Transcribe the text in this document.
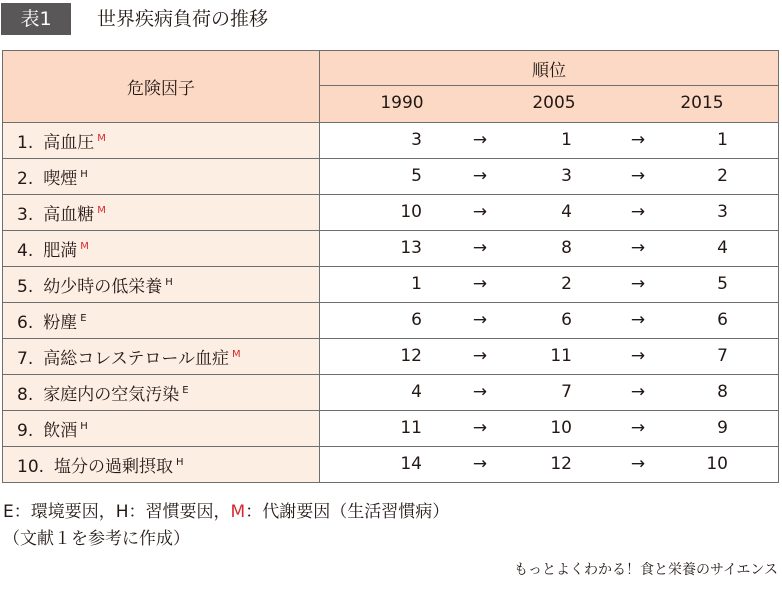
表1	世界疾病負荷の推移
危険因子	順位

	1990 2005 2015

1. 高血圧 $^M$	3 → 1 → 1

2. 喫煙 $^H$	5 → 3 → 2

3. 高血糖 $^M$	10 → 4 → 3

4. 肥満 $^M$	13 → 8 → 4

5. 幼少時の低栄養 $^H$	1 → 2 → 5

6. 粉塵 $^E$	6 → 6 → 6

7. 高総コレステロール血症 $^M$	12 → 11 → 7

8. 家庭内の空気汚染 $^E$	4 → 7 → 8

9. 飲酒 $^H$	11 → 10 → 9

10. 塩分の過剰摂取 $^H$	14 → 12 → 10
E：環境要因，H：習慣要因，M：代謝要因（生活習慣病）
（文献１を参考に作成）
もっとよくわかる！食と栄養のサイエンス
